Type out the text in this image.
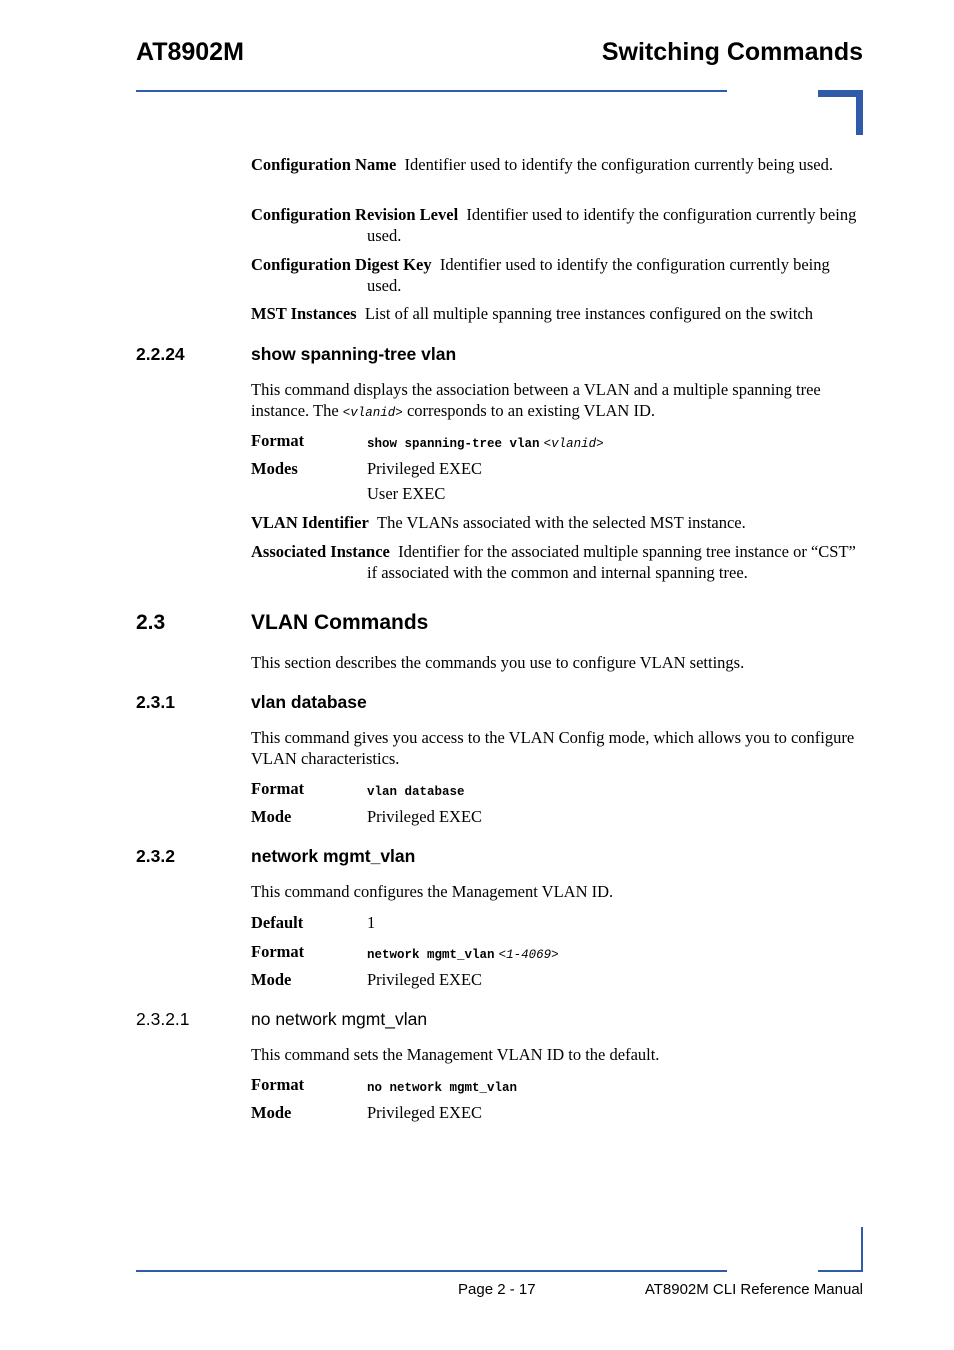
AT8902M	Switching Commands
Configuration Name Identifier used to identify the configuration currently being used.
Configuration Revision Level Identifier used to identify the configuration currently being used.
Configuration Digest Key Identifier used to identify the configuration currently being used.
MST Instances List of all multiple spanning tree instances configured on the switch
2.2.24	show spanning-tree vlan
This command displays the association between a VLAN and a multiple spanning tree instance. The <vlanid> corresponds to an existing VLAN ID.
Format	show spanning-tree vlan <vlanid>
Modes	Privileged EXEC
User EXEC
VLAN Identifier The VLANs associated with the selected MST instance.
Associated Instance Identifier for the associated multiple spanning tree instance or “CST” if associated with the common and internal spanning tree.
2.3	VLAN Commands
This section describes the commands you use to configure VLAN settings.
2.3.1	vlan database
This command gives you access to the VLAN Config mode, which allows you to configure VLAN characteristics.
Format	vlan database
Mode	Privileged EXEC
2.3.2	network mgmt_vlan
This command configures the Management VLAN ID.
Default	1
Format	network mgmt_vlan <1-4069>
Mode	Privileged EXEC
2.3.2.1	no network mgmt_vlan
This command sets the Management VLAN ID to the default.
Format	no network mgmt_vlan
Mode	Privileged EXEC
Page 2 - 17	AT8902M CLI Reference Manual
